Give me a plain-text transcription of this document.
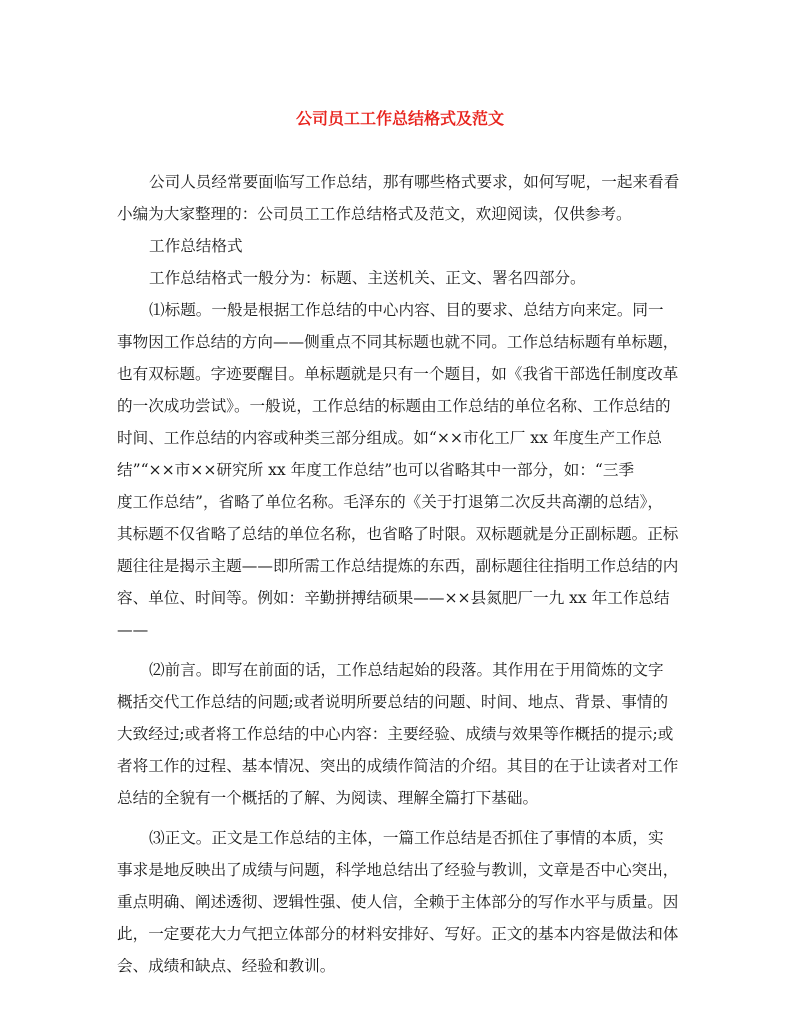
公司员工工作总结格式及范文
公司人员经常要面临写工作总结，那有哪些格式要求，如何写呢，一起来看看
小编为大家整理的：公司员工工作总结格式及范文，欢迎阅读，仅供参考。
工作总结格式
工作总结格式一般分为：标题、主送机关、正文、署名四部分。
⑴标题。一般是根据工作总结的中心内容、目的要求、总结方向来定。同一
事物因工作总结的方向——侧重点不同其标题也就不同。工作总结标题有单标题，
也有双标题。字迹要醒目。单标题就是只有一个题目，如《我省干部选任制度改革
的一次成功尝试》。一般说，工作总结的标题由工作总结的单位名称、工作总结的
时间、工作总结的内容或种类三部分组成。如“××市化工厂 xx 年度生产工作总
结”“××市××研究所 xx 年度工作总结”也可以省略其中一部分，如：“三季
度工作总结”，省略了单位名称。毛泽东的《关于打退第二次反共高潮的总结》，
其标题不仅省略了总结的单位名称，也省略了时限。双标题就是分正副标题。正标
题往往是揭示主题——即所需工作总结提炼的东西，副标题往往指明工作总结的内
容、单位、时间等。例如：辛勤拼搏结硕果——××县氮肥厂一九 xx 年工作总结
——
⑵前言。即写在前面的话，工作总结起始的段落。其作用在于用简炼的文字
概括交代工作总结的问题;或者说明所要总结的问题、时间、地点、背景、事情的
大致经过;或者将工作总结的中心内容：主要经验、成绩与效果等作概括的提示;或
者将工作的过程、基本情况、突出的成绩作简洁的介绍。其目的在于让读者对工作
总结的全貌有一个概括的了解、为阅读、理解全篇打下基础。
⑶正文。正文是工作总结的主体，一篇工作总结是否抓住了事情的本质，实
事求是地反映出了成绩与问题，科学地总结出了经验与教训，文章是否中心突出，
重点明确、阐述透彻、逻辑性强、使人信，全赖于主体部分的写作水平与质量。因
此，一定要花大力气把立体部分的材料安排好、写好。正文的基本内容是做法和体
会、成绩和缺点、经验和教训。
